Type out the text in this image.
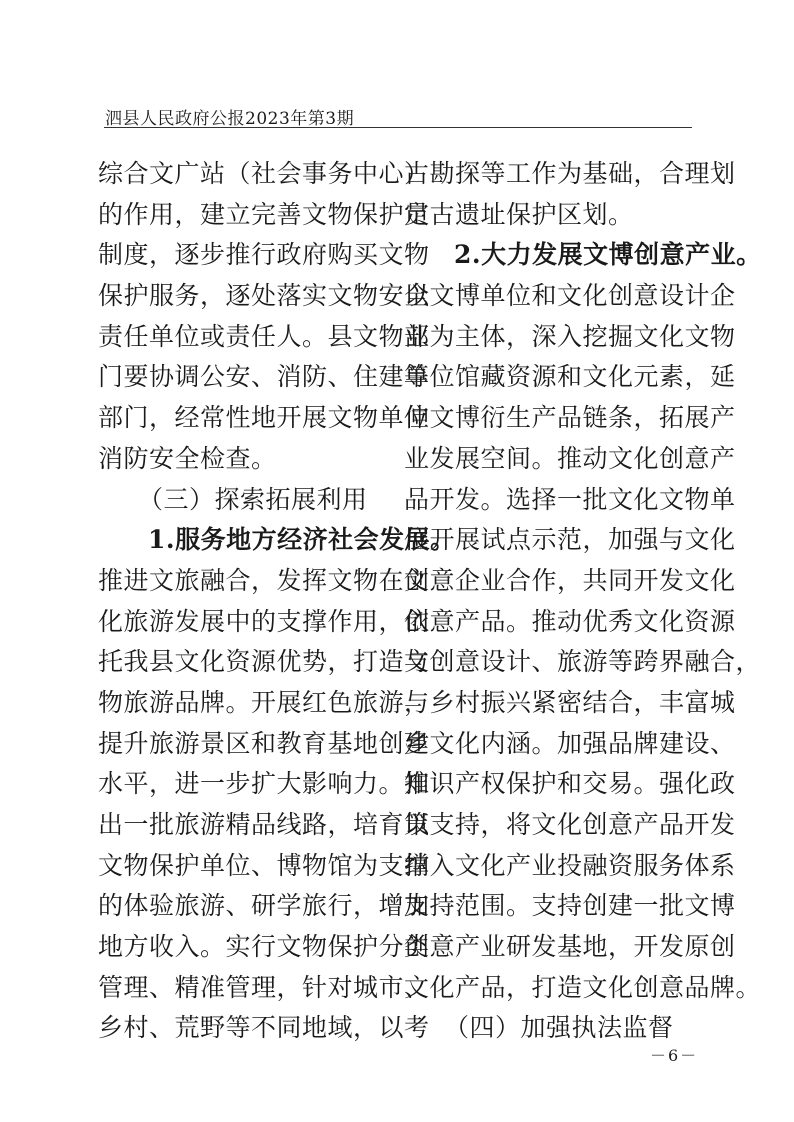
泗县人民政府公报2023年第3期
综合文广站（社会事务中心）
的作用，建立完善文物保护员
制度，逐步推行政府购买文物
保护服务，逐处落实文物安全
责任单位或责任人。县文物部
门要协调公安、消防、住建等
部门，经常性地开展文物单位
消防安全检查。
（三）探索拓展利用
1.服务地方经济社会发展。
推进文旅融合，发挥文物在文
化旅游发展中的支撑作用，依
托我县文化资源优势，打造文
物旅游品牌。开展红色旅游，
提升旅游景区和教育基地创建
水平，进一步扩大影响力。推
出一批旅游精品线路，培育以
文物保护单位、博物馆为支撑
的体验旅游、研学旅行，增加
地方收入。实行文物保护分类
管理、精准管理，针对城市、
乡村、荒野等不同地域，以考
古勘探等工作为基础，合理划
定古遗址保护区划。
2.大力发展文博创意产业。
以文博单位和文化创意设计企
业为主体，深入挖掘文化文物
单位馆藏资源和文化元素，延
伸文博衍生产品链条，拓展产
业发展空间。推动文化创意产
品开发。选择一批文化文物单
位开展试点示范，加强与文化
创意企业合作，共同开发文化
创意产品。推动优秀文化资源
与创意设计、旅游等跨界融合，
与乡村振兴紧密结合，丰富城
乡文化内涵。加强品牌建设、
知识产权保护和交易。强化政
策支持，将文化创意产品开发
纳入文化产业投融资服务体系
支持范围。支持创建一批文博
创意产业研发基地，开发原创
文化产品，打造文化创意品牌。
（四）加强执法监督
－6－
